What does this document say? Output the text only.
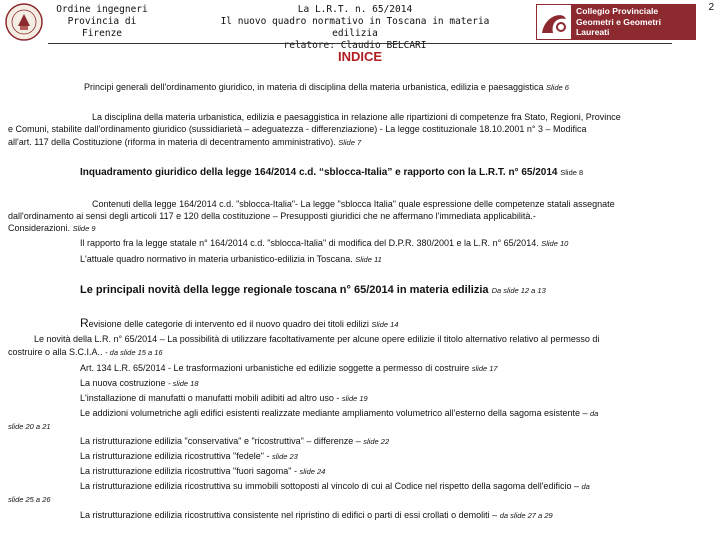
Ordine ingegneri
Provincia di
Firenze
La L.R.T. n. 65/2014
Il nuovo quadro normativo in Toscana in materia edilizia
relatore: Claudio BELCARI
Collegio Provinciale
Geometri e Geometri Laureati
di Firenze
2
INDICE
Principi generali dell'ordinamento giuridico, in materia di disciplina della materia urbanistica, edilizia e paesaggistica Slide 6
La disciplina della materia urbanistica, edilizia e paesaggistica in relazione alle ripartizioni di competenze fra Stato, Regioni, Province
e Comuni, stabilite dall'ordinamento giuridico (sussidiarietà – adeguatezza - differenziazione) - La legge costituzionale 18.10.2001 n° 3 – Modifica
all'art. 117 della Costituzione (riforma in materia di decentramento amministrativo). Slide 7
Inquadramento giuridico della legge 164/2014 c.d. “sblocca-Italia” e rapporto con la L.R.T. n° 65/2014 Slide 8
Contenuti della legge 164/2014 c.d. "sblocca-Italia"- La legge "sblocca Italia" quale espressione delle competenze statali assegnate
dall'ordinamento ai sensi degli articoli 117 e 120 della costituzione – Presupposti giuridici che ne affermano l'immediata applicabilità.-
Considerazioni. Slide 9
Il rapporto fra la legge statale n° 164/2014 c.d. "sblocca-Italia" di modifica del D.P.R. 380/2001 e la L.R. n° 65/2014. Slide 10
L'attuale quadro normativo in materia urbanistico-edilizia in Toscana. Slide 11
Le principali novità della legge regionale toscana n° 65/2014 in materia edilizia Da slide 12 a 13
Revisione delle categorie di intervento ed il nuovo quadro dei titoli edilizi Slide 14
Le novità della L.R. n° 65/2014 – La possibilità di utilizzare facoltativamente per alcune opere edilizie il titolo alternativo relativo al permesso di
costruire o alla S.C.I.A.. - da slide 15 a 16
Art. 134 L.R. 65/2014 - Le trasformazioni urbanistiche ed edilizie soggette a permesso di costruire slide 17
La nuova costruzione - slide 18
L'installazione di manufatti o manufatti mobili adibiti ad altro uso - slide 19
Le addizioni volumetriche agli edifici esistenti realizzate mediante ampliamento volumetrico all'esterno della sagoma esistente – da
slide 20 a 21
La ristrutturazione edilizia "conservativa" e "ricostruttiva" – differenze – slide 22
La ristrutturazione edilizia ricostruttiva "fedele" - slide 23
La ristrutturazione edilizia ricostruttiva "fuori sagoma" - slide 24
La ristrutturazione edilizia ricostruttiva su immobili sottoposti al vincolo di cui al Codice nel rispetto della sagoma dell'edificio – da
slide 25 a 26
La ristrutturazione edilizia ricostruttiva consistente nel ripristino di edifici o parti di essi crollati o demoliti – da slide 27 a 29
